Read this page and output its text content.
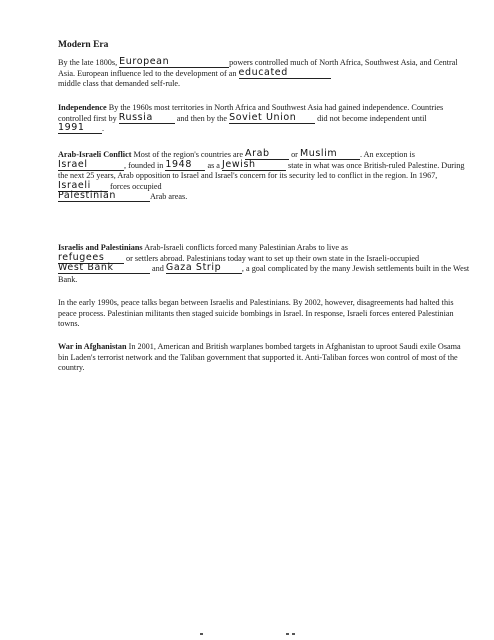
Modern Era

By the late 1800s, European	powers controlled much of North Africa, Southwest Asia, and Central Asia. European influence led to the development of an educated
middle class that demanded self-rule.

Independence By the 1960s most territories in North Africa and Southwest Asia had gained independence. Countries controlled first by Russia	and then by the Soviet Union did not become independent until 1991 .

Arab-Israeli Conflict Most of the region's countries are Arab or Muslim	. An exception is Israel	, founded in 1948 as a Jewish	state in what was once British-ruled Palestine. During the next 25 years, Arab opposition to Israel and Israel's concern for its security led to conflict in the region. In 1967, Israeli forces occupied
Palestinian	Arab areas.

Israelis and Palestinians Arab-Israeli conflicts forced many Palestinian Arabs to live as
refugees or settlers abroad. Palestinians today want to set up their own state in the Israeli-occupied West Bank	and Gaza Strip	, a goal complicated by the many Jewish settlements built in the West Bank.

In the early 1990s, peace talks began between Israelis and Palestinians. By 2002, however, disagreements had halted this peace process. Palestinian militants then staged suicide bombings in Israel. In response, Israeli forces entered Palestinian towns.

War in Afghanistan In 2001, American and British warplanes bombed targets in Afghanistan to uproot Saudi exile Osama bin Laden's terrorist network and the Taliban government that supported it. Anti-Taliban forces won control of most of the country.
